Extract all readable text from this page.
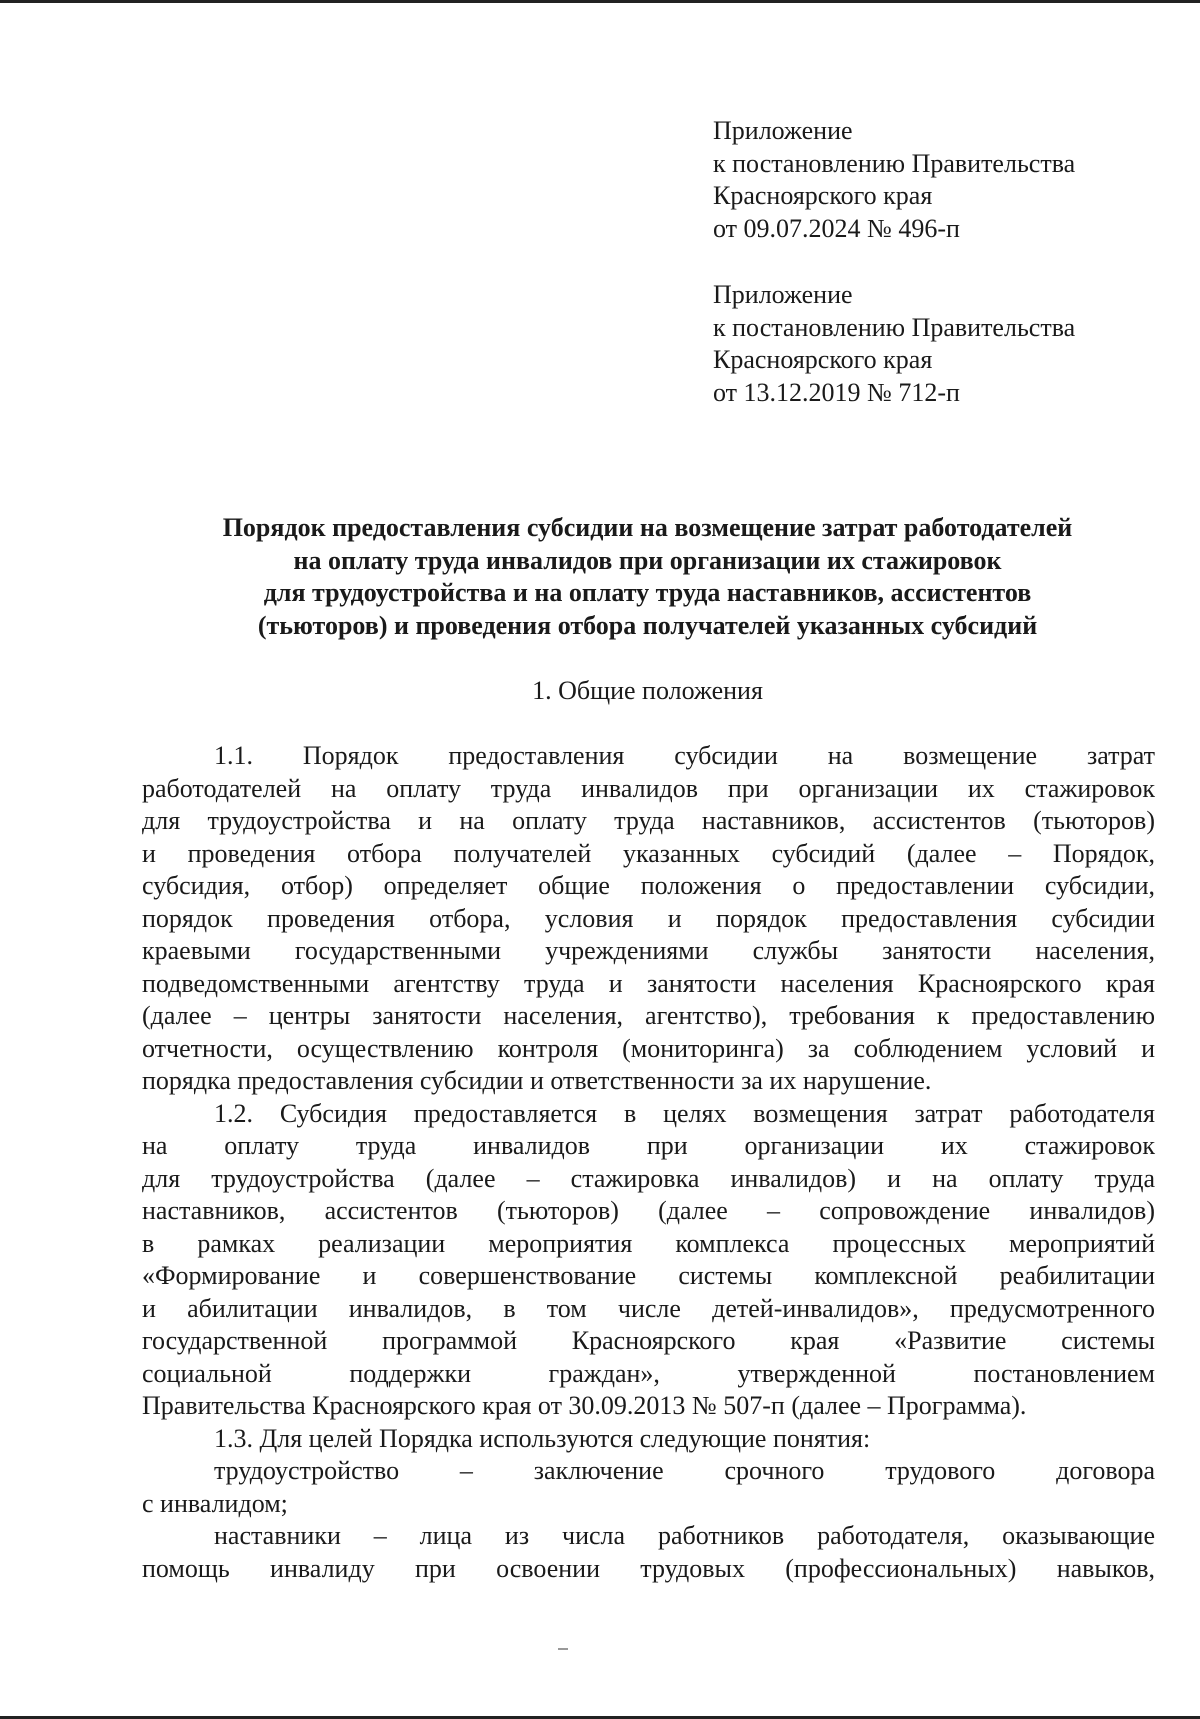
Приложение
к постановлению Правительства
Красноярского края
от 09.07.2024 № 496-п
Приложение
к постановлению Правительства
Красноярского края
от 13.12.2019 № 712-п
Порядок предоставления субсидии на возмещение затрат работодателей
на оплату труда инвалидов при организации их стажировок
для трудоустройства и на оплату труда наставников, ассистентов
(тьюторов) и проведения отбора получателей указанных субсидий
1. Общие положения
1.1. Порядок предоставления субсидии на возмещение затрат
работодателей на оплату труда инвалидов при организации их стажировок
для трудоустройства и на оплату труда наставников, ассистентов (тьюторов)
и проведения отбора получателей указанных субсидий (далее – Порядок,
субсидия, отбор) определяет общие положения о предоставлении субсидии,
порядок проведения отбора, условия и порядок предоставления субсидии
краевыми государственными учреждениями службы занятости населения,
подведомственными агентству труда и занятости населения Красноярского края
(далее – центры занятости населения, агентство), требования к предоставлению
отчетности, осуществлению контроля (мониторинга) за соблюдением условий и
порядка предоставления субсидии и ответственности за их нарушение.
1.2. Субсидия предоставляется в целях возмещения затрат работодателя
на оплату труда инвалидов при организации их стажировок
для трудоустройства (далее – стажировка инвалидов) и на оплату труда
наставников, ассистентов (тьюторов) (далее – сопровождение инвалидов)
в рамках реализации мероприятия комплекса процессных мероприятий
«Формирование и совершенствование системы комплексной реабилитации
и абилитации инвалидов, в том числе детей-инвалидов», предусмотренного
государственной программой Красноярского края «Развитие системы
социальной поддержки граждан», утвержденной постановлением
Правительства Красноярского края от 30.09.2013 № 507-п (далее – Программа).
1.3. Для целей Порядка используются следующие понятия:
трудоустройство – заключение срочного трудового договора
с инвалидом;
наставники – лица из числа работников работодателя, оказывающие
помощь инвалиду при освоении трудовых (профессиональных) навыков,
